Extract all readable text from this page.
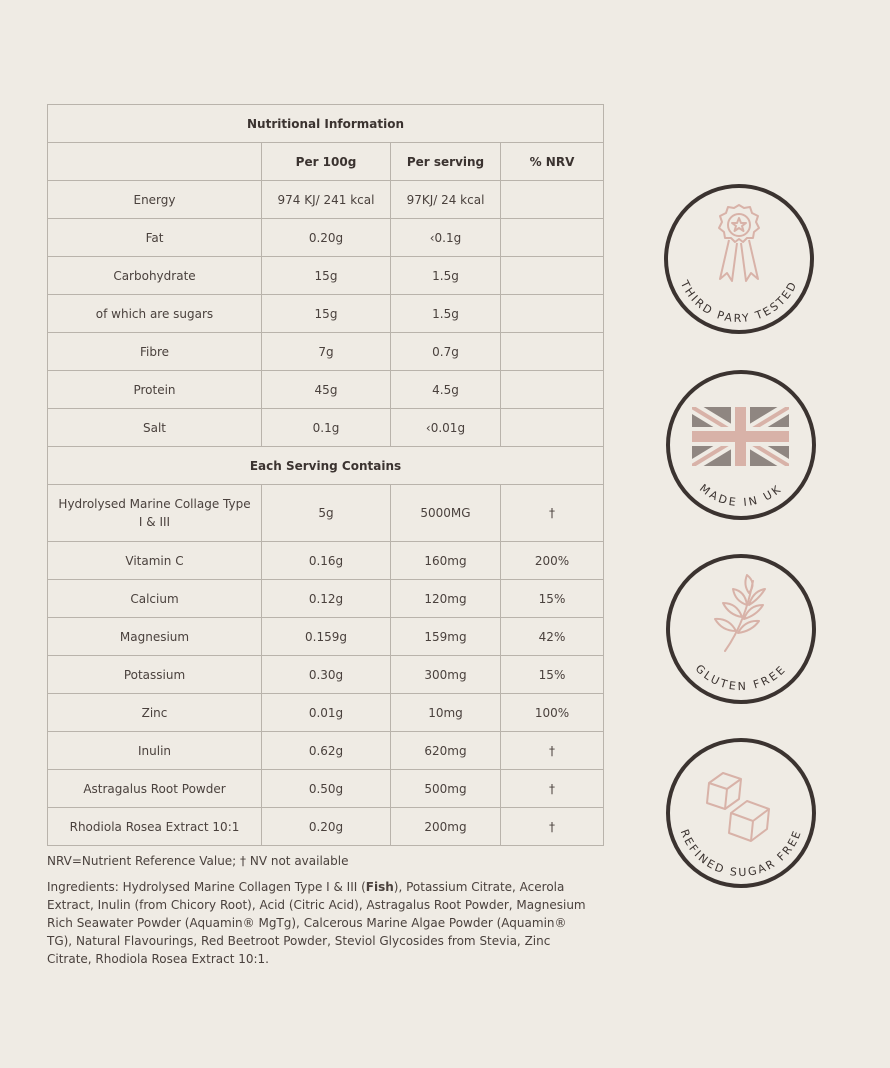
Nutritional Information			
	Per 100g	Per serving	% NRV
Energy	974 KJ/ 241 kcal	97KJ/ 24 kcal	
Fat	0.20g	‹0.1g	
Carbohydrate	15g	1.5g	
of which are sugars	15g	1.5g	
Fibre	7g	0.7g	
Protein	45g	4.5g	
Salt	0.1g	‹0.01g	
Each Serving Contains			
Hydrolysed Marine Collage Type I & III	5g	5000MG	†
Vitamin C	0.16g	160mg	200%
Calcium	0.12g	120mg	15%
Magnesium	0.159g	159mg	42%
Potassium	0.30g	300mg	15%
Zinc	0.01g	10mg	100%
Inulin	0.62g	620mg	†
Astragalus Root Powder	0.50g	500mg	†
Rhodiola Rosea Extract 10:1	0.20g	200mg	†

NRV=Nutrient Reference Value; † NV not available

Ingredients: Hydrolysed Marine Collagen Type I & III (Fish), Potassium Citrate, Acerola Extract, Inulin (from Chicory Root), Acid (Citric Acid), Astragalus Root Powder, Magnesium Rich Seawater Powder (Aquamin® MgTg), Calcerous Marine Algae Powder (Aquamin® TG), Natural Flavourings, Red Beetroot Powder, Steviol Glycosides from Stevia, Zinc Citrate, Rhodiola Rosea Extract 10:1.

THIRD PARY TESTED
MADE IN UK
GLUTEN FREE
REFINED SUGAR FREE
